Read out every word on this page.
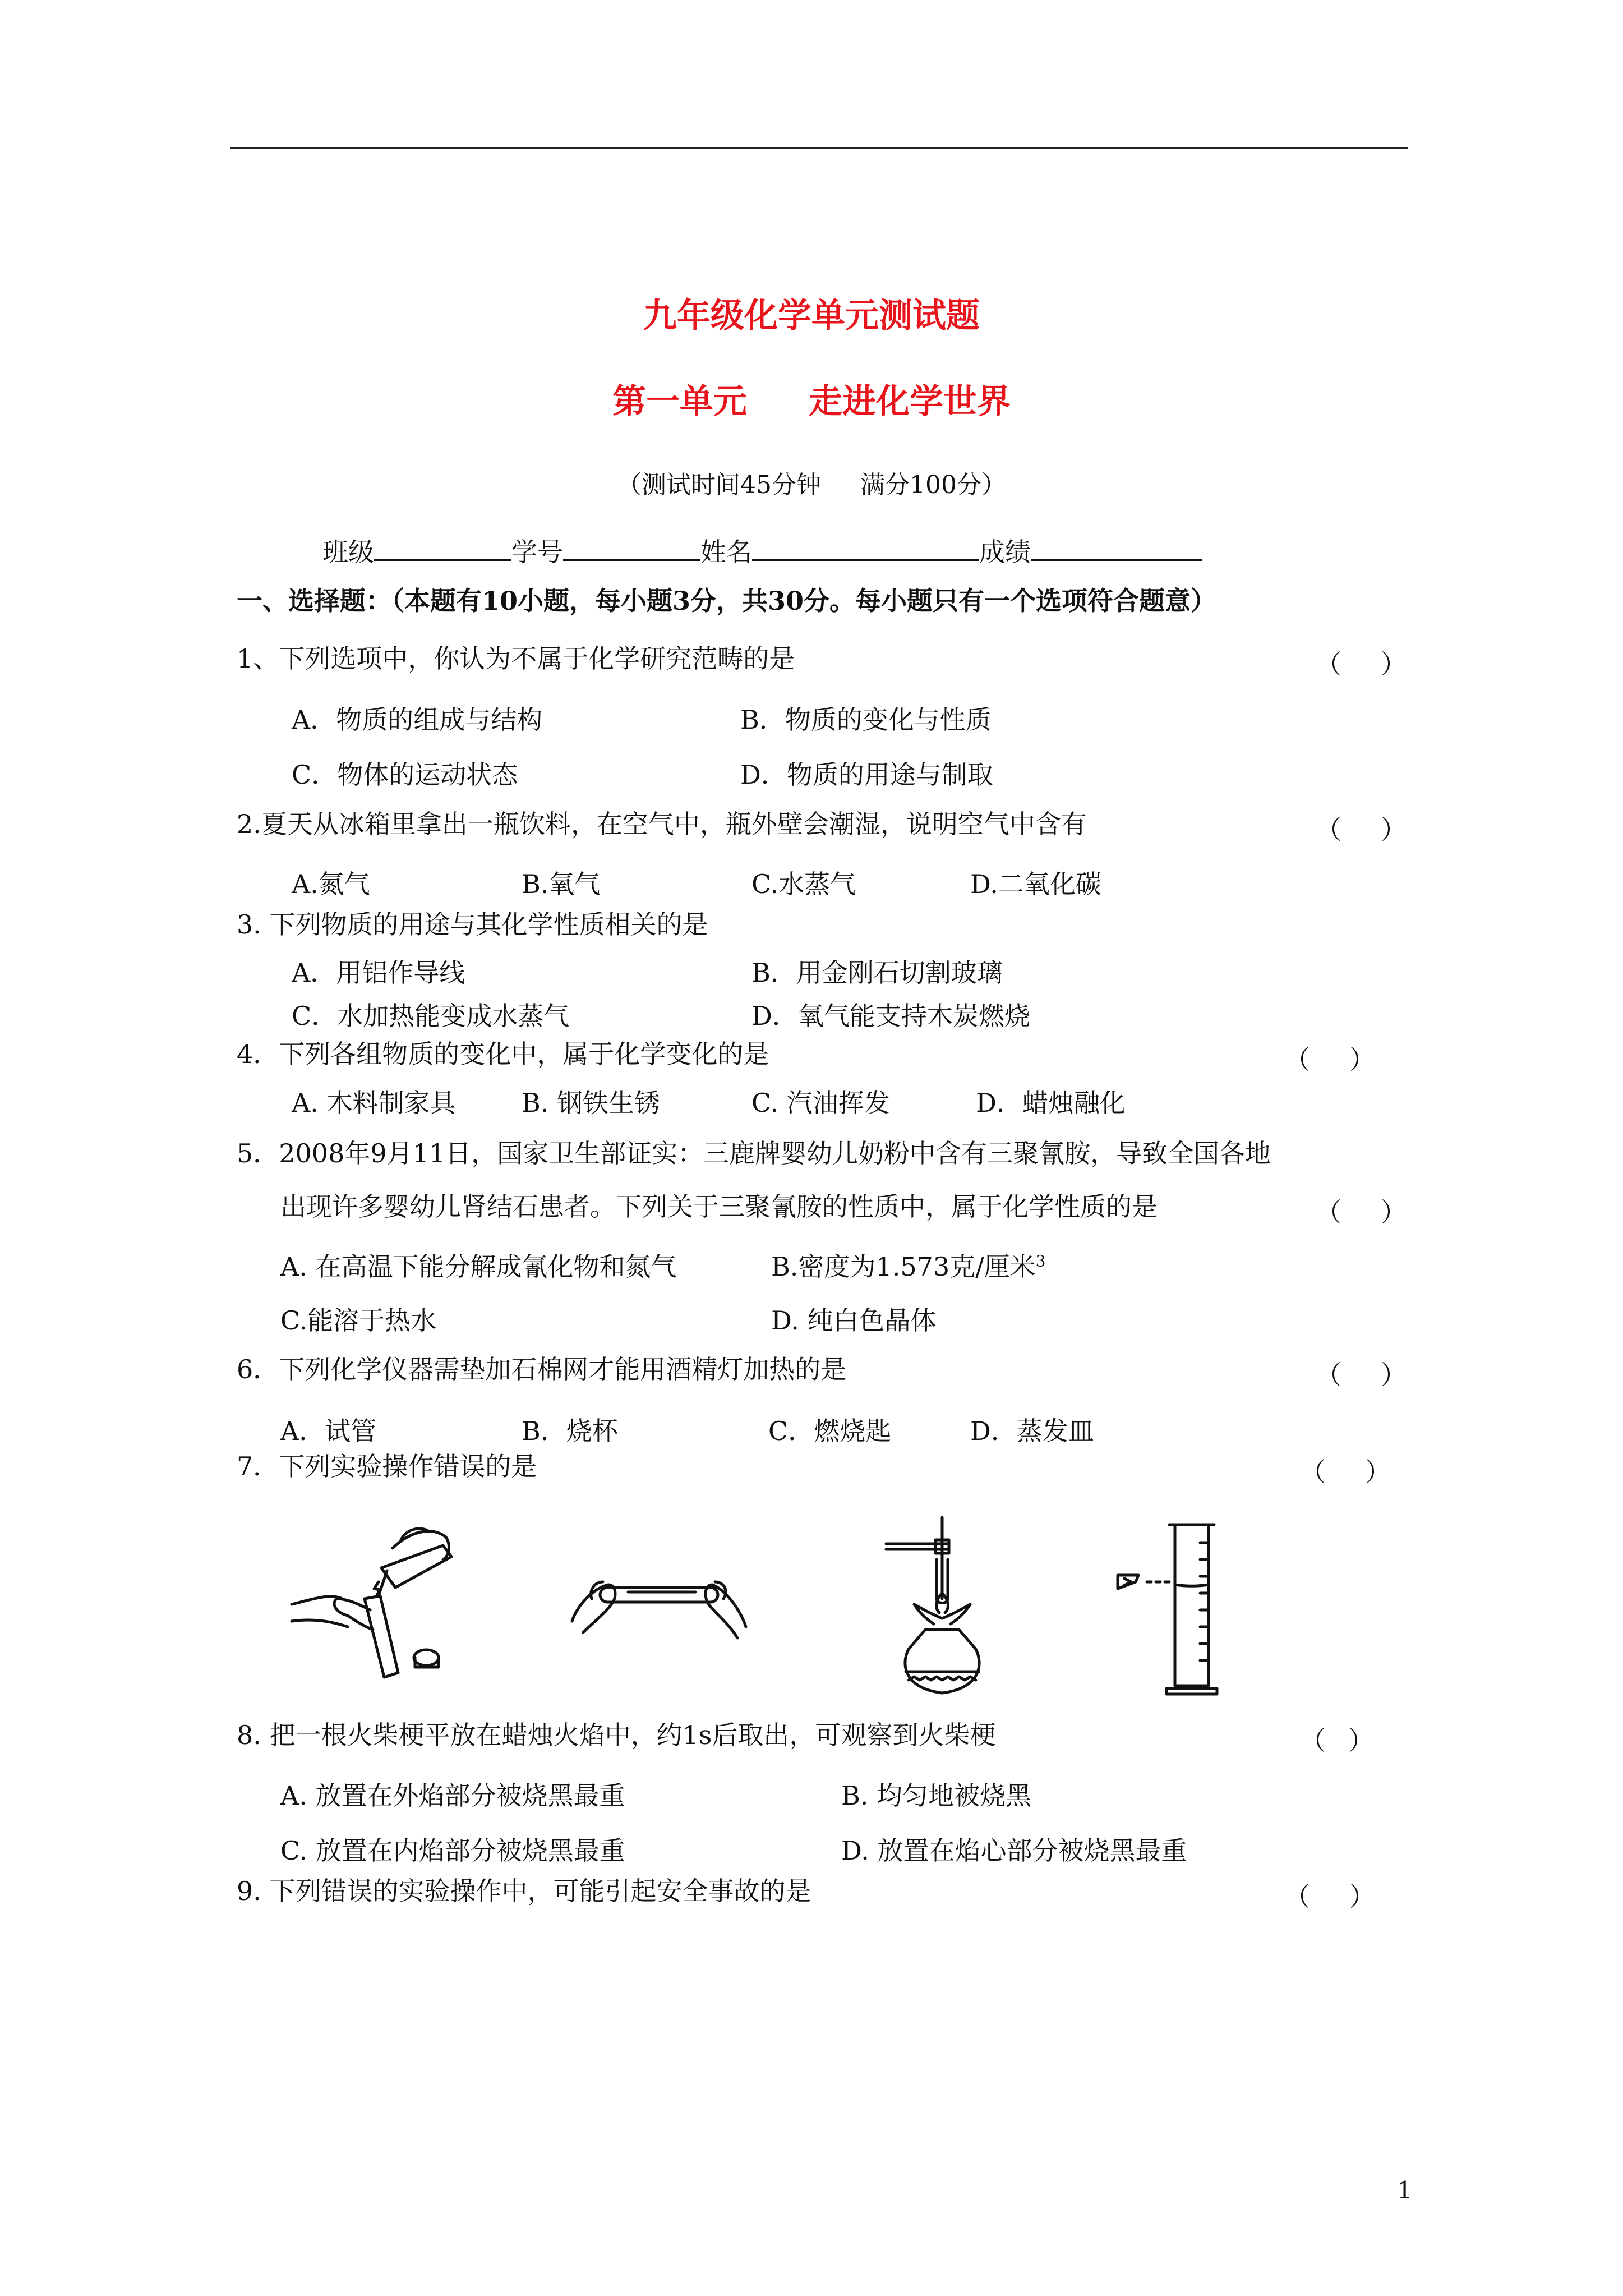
九年级化学单元测试题
第一单元 走进化学世界
（测试时间45分钟 满分100分）
班级	学号	姓名	成绩
一、选择题：（本题有10小题，每小题3分，共30分。每小题只有一个选项符合题意）
1、下列选项中，你认为不属于化学研究范畴的是	（ ）
A．物质的组成与结构	B．物质的变化与性质
C．物体的运动状态	D．物质的用途与制取
2.夏天从冰箱里拿出一瓶饮料，在空气中，瓶外壁会潮湿，说明空气中含有	（ ）
A.氮气	B.氧气	C.水蒸气	D.二氧化碳
3. 下列物质的用途与其化学性质相关的是
A．用铝作导线	B．用金刚石切割玻璃
C．水加热能变成水蒸气	D．氧气能支持木炭燃烧
4．下列各组物质的变化中，属于化学变化的是	（ ）
A. 木料制家具	B. 钢铁生锈	C. 汽油挥发	D．蜡烛融化
5．2008年9月11日，国家卫生部证实：三鹿牌婴幼儿奶粉中含有三聚氰胺，导致全国各地
出现许多婴幼儿肾结石患者。下列关于三聚氰胺的性质中，属于化学性质的是	（ ）
A. 在高温下能分解成氰化物和氮气	B.密度为1.573克/厘米$^3$
C.能溶于热水	D. 纯白色晶体
6．下列化学仪器需垫加石棉网才能用酒精灯加热的是	（ ）
A．试管	B．烧杯	C．燃烧匙	D．蒸发皿
7．下列实验操作错误的是	（ ）
8. 把一根火柴梗平放在蜡烛火焰中，约1s后取出，可观察到火柴梗	（ ）
A. 放置在外焰部分被烧黑最重	B. 均匀地被烧黑
C. 放置在内焰部分被烧黑最重	D. 放置在焰心部分被烧黑最重
9. 下列错误的实验操作中，可能引起安全事故的是	（ ）
1
